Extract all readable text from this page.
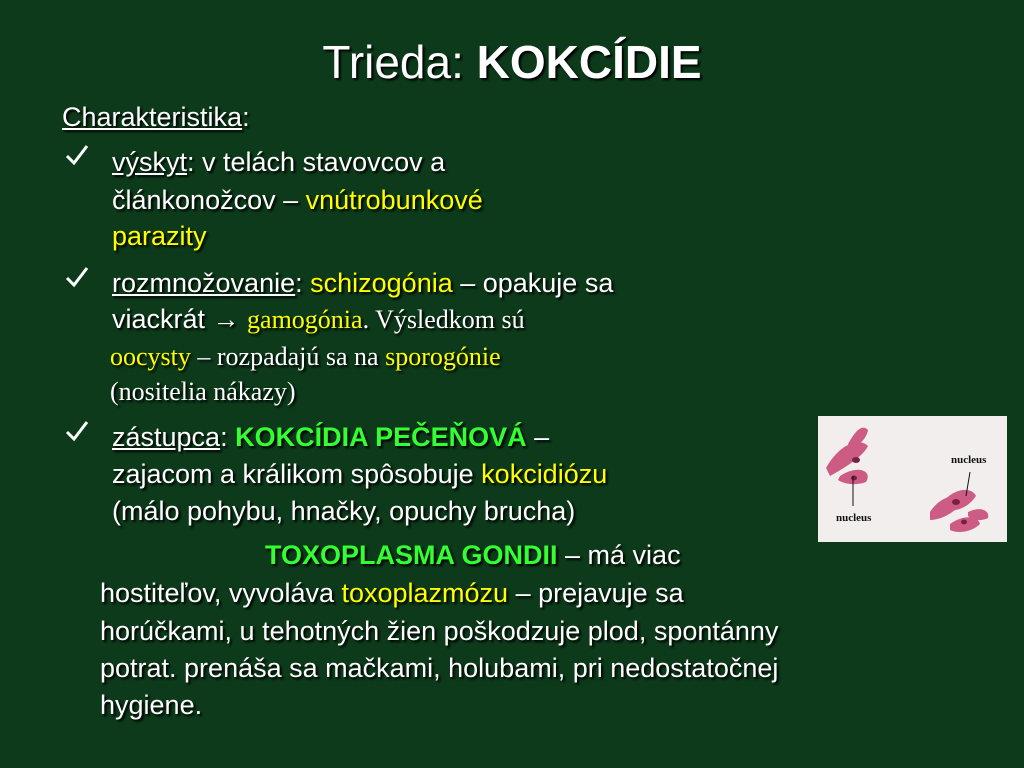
Trieda: KOKCÍDIE
Charakteristika:
výskyt: v telách stavovcov a
článkonožcov – vnútrobunkové
parazity
rozmnožovanie: schizogónia – opakuje sa
viackrát → gamogónia. Výsledkom sú
oocysty – rozpadajú sa na sporogónie
(nositelia nákazy)
zástupca: KOKCÍDIA PEČEŇOVÁ –
zajacom a králikom spôsobuje kokcidiózu
(málo pohybu, hnačky, opuchy brucha)
TOXOPLASMA GONDII – má viac
hostiteľov, vyvoláva toxoplazmózu – prejavuje sa
horúčkami, u tehotných žien poškodzuje plod, spontánny
potrat. prenáša sa mačkami, holubami, pri nedostatočnej
hygiene.
nucleus
nucleus
